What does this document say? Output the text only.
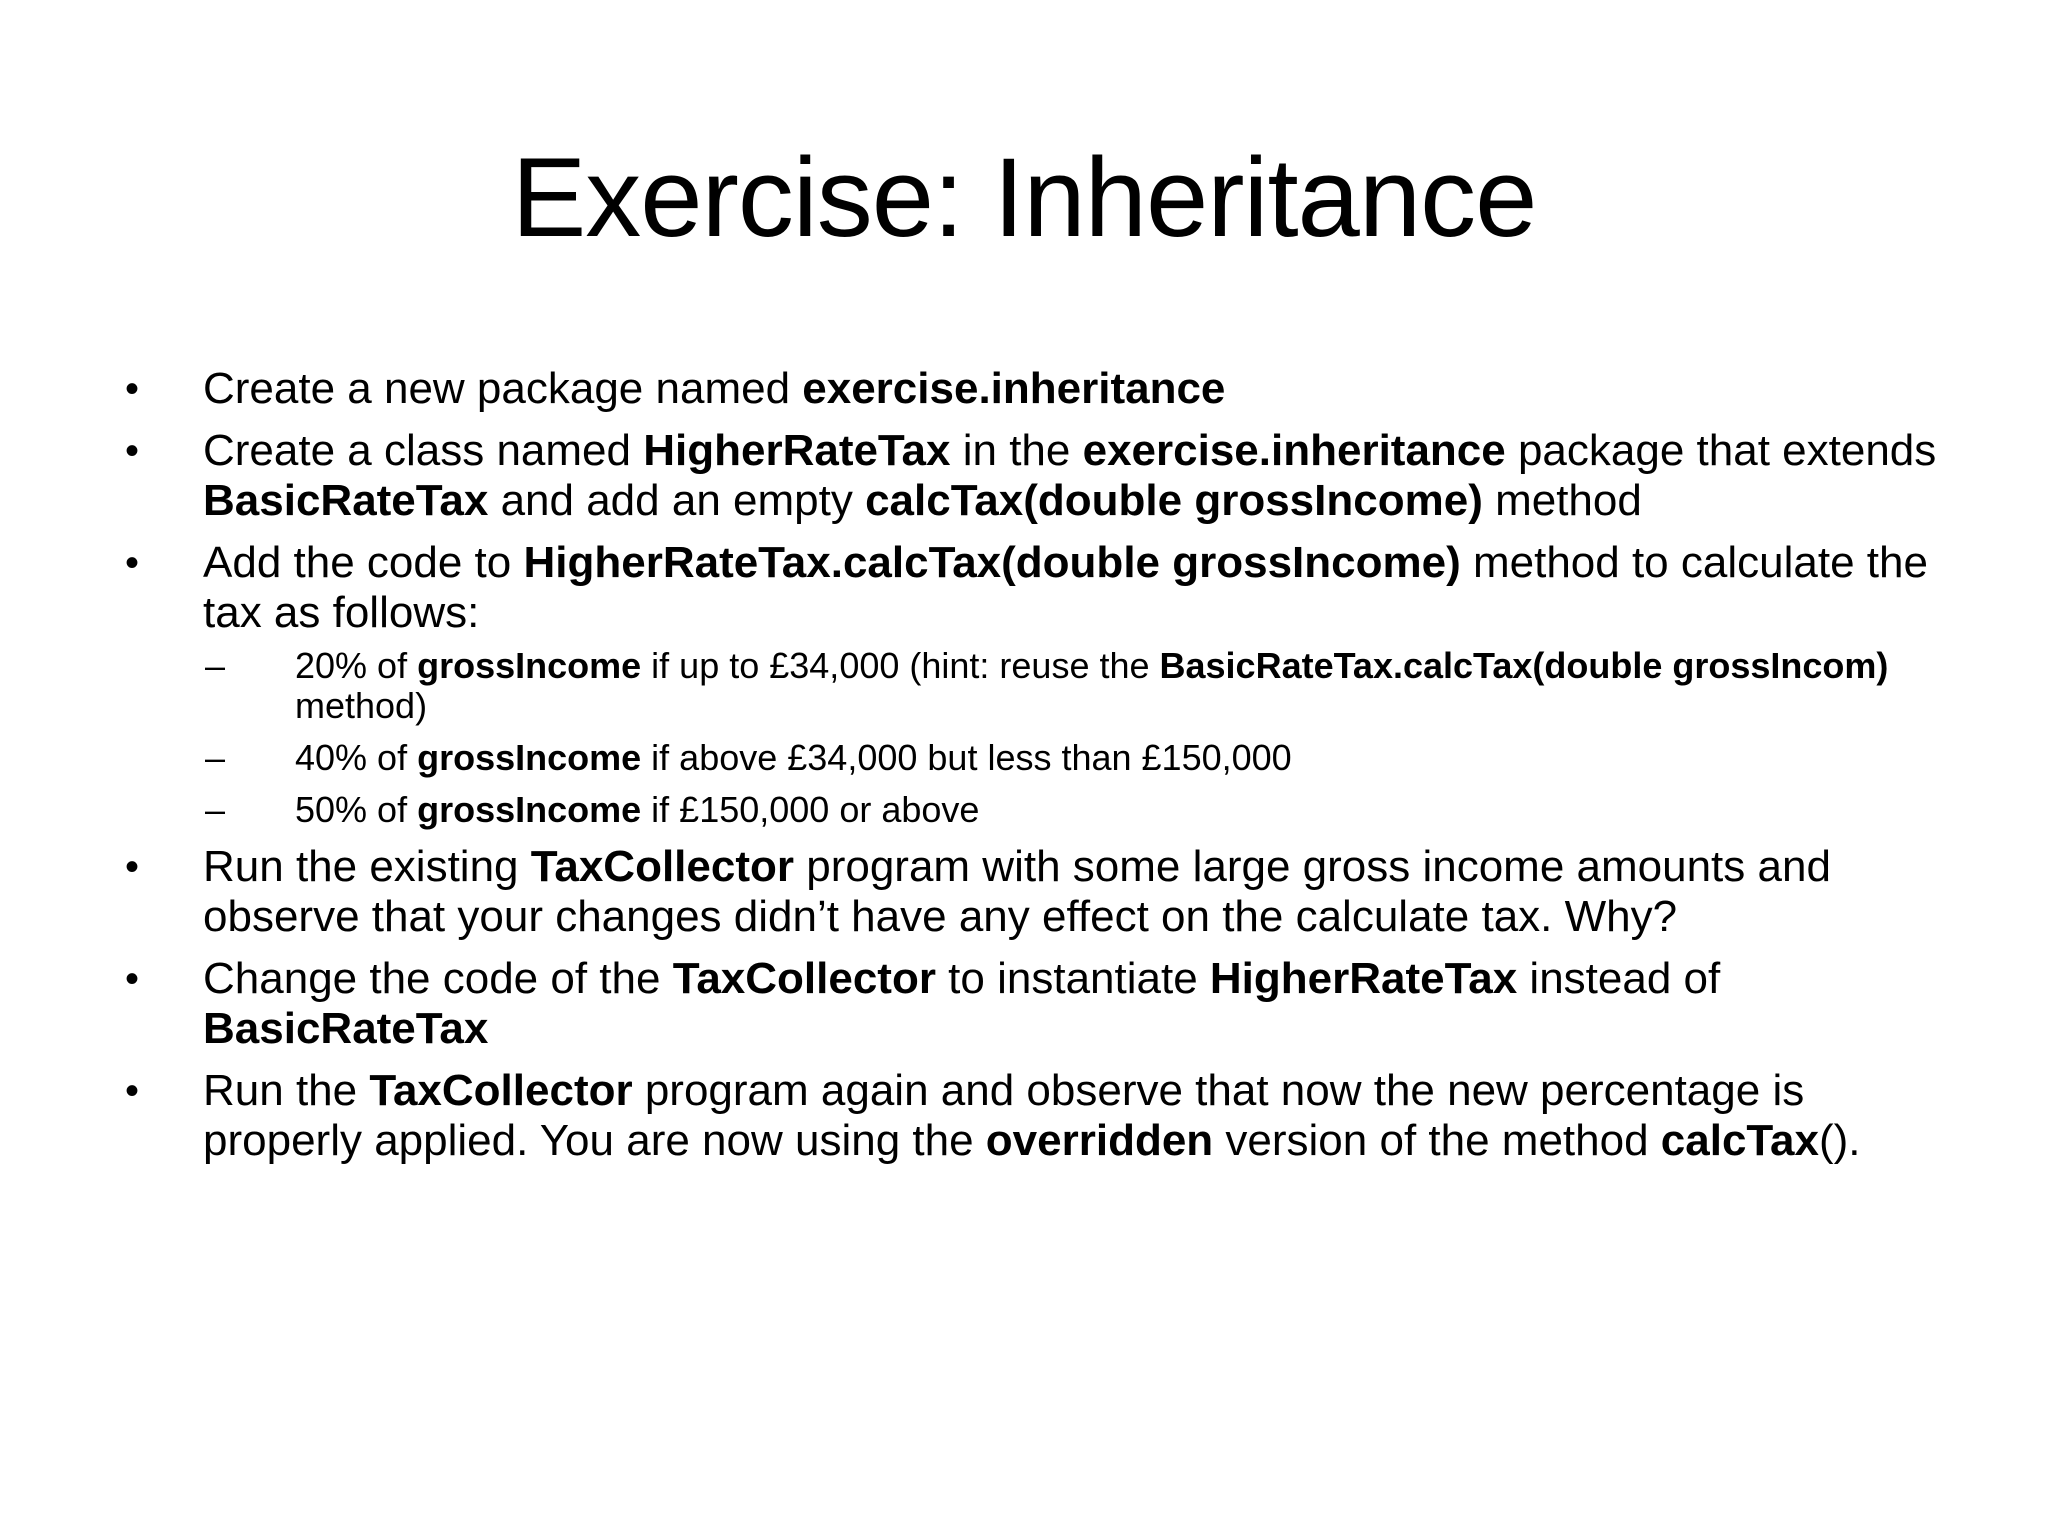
Exercise: Inheritance
•	Create a new package named exercise.inheritance
•	Create a class named HigherRateTax in the exercise.inheritance package that extends BasicRateTax and add an empty calcTax(double grossIncome) method
•	Add the code to HigherRateTax.calcTax(double grossIncome) method to calculate the tax as follows:
–	20% of grossIncome if up to £34,000 (hint: reuse the BasicRateTax.calcTax(double grossIncom) method)
–	40% of grossIncome if above £34,000 but less than £150,000
–	50% of grossIncome if £150,000 or above
•	Run the existing TaxCollector program with some large gross income amounts and observe that your changes didn’t have any effect on the calculate tax. Why?
•	Change the code of the TaxCollector to instantiate HigherRateTax instead of BasicRateTax
•	Run the TaxCollector program again and observe that now the new percentage is properly applied. You are now using the overridden version of the method calcTax().
